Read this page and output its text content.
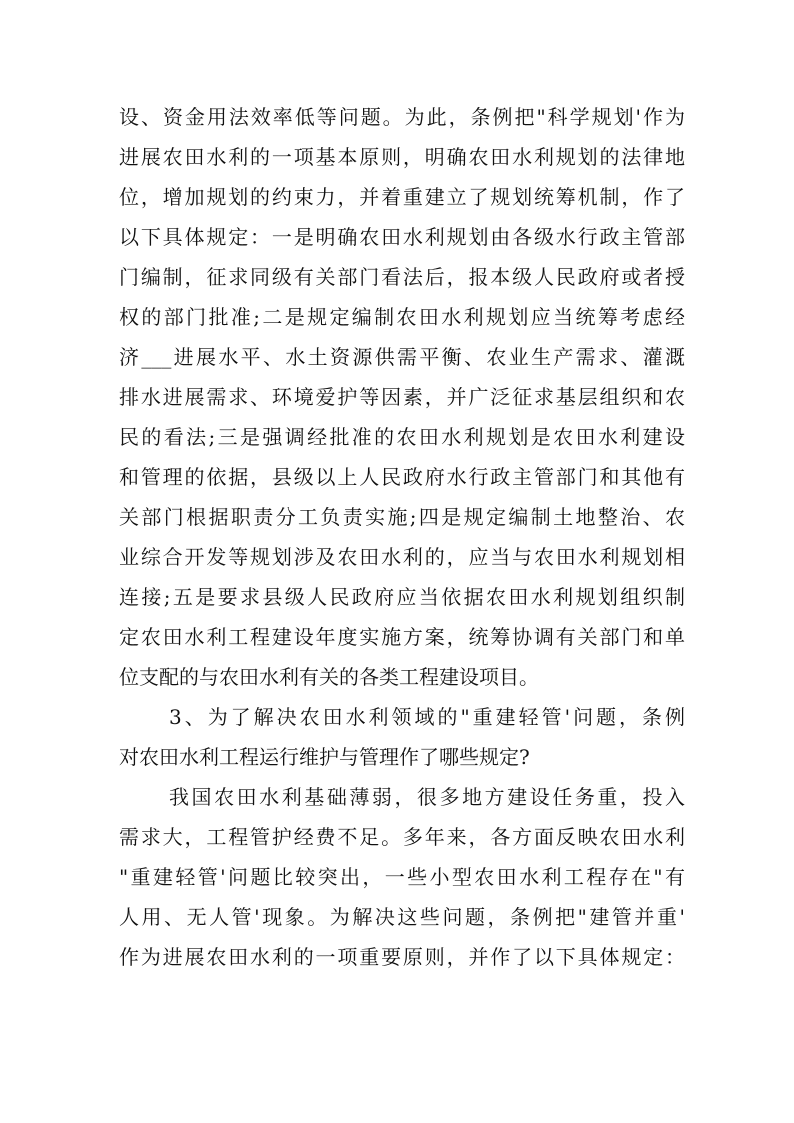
设、资金用法效率低等问题。为此，条例把"科学规划'作为
进展农田水利的一项基本原则，明确农田水利规划的法律地
位，增加规划的约束力，并着重建立了规划统筹机制，作了
以下具体规定：一是明确农田水利规划由各级水行政主管部
门编制，征求同级有关部门看法后，报本级人民政府或者授
权的部门批准;二是规定编制农田水利规划应当统筹考虑经
济___进展水平、水土资源供需平衡、农业生产需求、灌溉
排水进展需求、环境爱护等因素，并广泛征求基层组织和农
民的看法;三是强调经批准的农田水利规划是农田水利建设
和管理的依据，县级以上人民政府水行政主管部门和其他有
关部门根据职责分工负责实施;四是规定编制土地整治、农
业综合开发等规划涉及农田水利的，应当与农田水利规划相
连接;五是要求县级人民政府应当依据农田水利规划组织制
定农田水利工程建设年度实施方案，统筹协调有关部门和单
位支配的与农田水利有关的各类工程建设项目。
3、为了解决农田水利领域的"重建轻管'问题，条例
对农田水利工程运行维护与管理作了哪些规定?
我国农田水利基础薄弱，很多地方建设任务重，投入
需求大，工程管护经费不足。多年来，各方面反映农田水利
"重建轻管'问题比较突出，一些小型农田水利工程存在"有
人用、无人管'现象。为解决这些问题，条例把"建管并重'
作为进展农田水利的一项重要原则，并作了以下具体规定：
